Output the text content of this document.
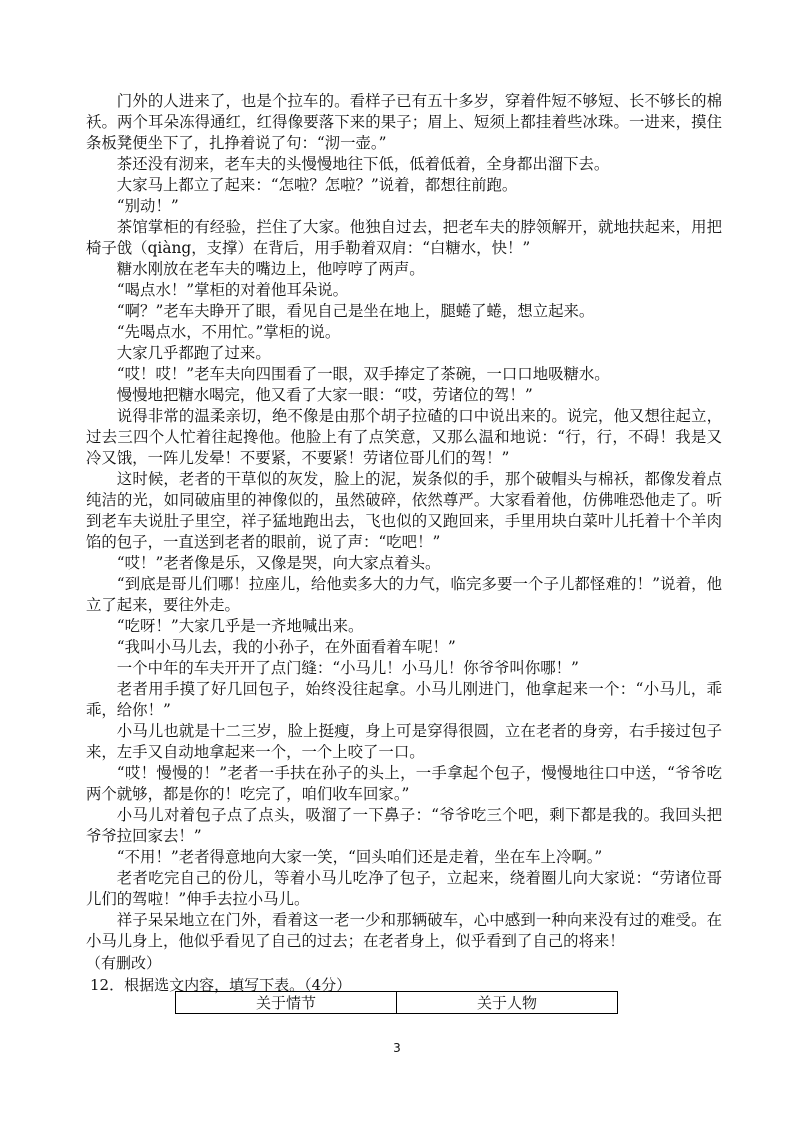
门外的人进来了，也是个拉车的。看样子已有五十多岁，穿着件短不够短、长不够长的棉袄。两个耳朵冻得通红，红得像要落下来的果子；眉上、短须上都挂着些冰珠。一进来，摸住条板凳便坐下了，扎挣着说了句：“沏一壶。”

茶还没有沏来，老车夫的头慢慢地往下低，低着低着，全身都出溜下去。

大家马上都立了起来：“怎啦？怎啦？”说着，都想往前跑。

“别动！”

茶馆掌柜的有经验，拦住了大家。他独自过去，把老车夫的脖领解开，就地扶起来，用把椅子戗（qiàng，支撑）在背后，用手勒着双肩：“白糖水，快！”

糖水刚放在老车夫的嘴边上，他哼哼了两声。

“喝点水！”掌柜的对着他耳朵说。

“啊？”老车夫睁开了眼，看见自己是坐在地上，腿蜷了蜷，想立起来。

“先喝点水，不用忙。”掌柜的说。

大家几乎都跑了过来。

“哎！哎！”老车夫向四围看了一眼，双手捧定了茶碗，一口口地吸糖水。

慢慢地把糖水喝完，他又看了大家一眼：“哎，劳诸位的驾！”

说得非常的温柔亲切，绝不像是由那个胡子拉碴的口中说出来的。说完，他又想往起立，过去三四个人忙着往起搀他。他脸上有了点笑意，又那么温和地说：“行，行，不碍！我是又冷又饿，一阵儿发晕！不要紧，不要紧！劳诸位哥儿们的驾！”

这时候，老者的干草似的灰发，脸上的泥，炭条似的手，那个破帽头与棉袄，都像发着点纯洁的光，如同破庙里的神像似的，虽然破碎，依然尊严。大家看着他，仿佛唯恐他走了。听到老车夫说肚子里空，祥子猛地跑出去，飞也似的又跑回来，手里用块白菜叶儿托着十个羊肉馅的包子，一直送到老者的眼前，说了声：“吃吧！”

“哎！”老者像是乐，又像是哭，向大家点着头。

“到底是哥儿们哪！拉座儿，给他卖多大的力气，临完多要一个子儿都怪难的！”说着，他立了起来，要往外走。

“吃呀！”大家几乎是一齐地喊出来。

“我叫小马儿去，我的小孙子，在外面看着车呢！”

一个中年的车夫开开了点门缝：“小马儿！小马儿！你爷爷叫你哪！”

老者用手摸了好几回包子，始终没往起拿。小马儿刚进门，他拿起来一个：“小马儿，乖乖，给你！”

小马儿也就是十二三岁，脸上挺瘦，身上可是穿得很圆，立在老者的身旁，右手接过包子来，左手又自动地拿起来一个，一个上咬了一口。

“哎！慢慢的！”老者一手扶在孙子的头上，一手拿起个包子，慢慢地往口中送，“爷爷吃两个就够，都是你的！吃完了，咱们收车回家。”

小马儿对着包子点了点头，吸溜了一下鼻子：“爷爷吃三个吧，剩下都是我的。我回头把爷爷拉回家去！”

“不用！”老者得意地向大家一笑，“回头咱们还是走着，坐在车上冷啊。”

老者吃完自己的份儿，等着小马儿吃净了包子，立起来，绕着圈儿向大家说：“劳诸位哥儿们的驾啦！”伸手去拉小马儿。

祥子呆呆地立在门外，看着这一老一少和那辆破车，心中感到一种向来没有过的难受。在小马儿身上，他似乎看见了自己的过去；在老者身上，似乎看到了自己的将来！

（有删改）

12．根据选文内容，填写下表。（4分）

关于情节	关于人物
3
